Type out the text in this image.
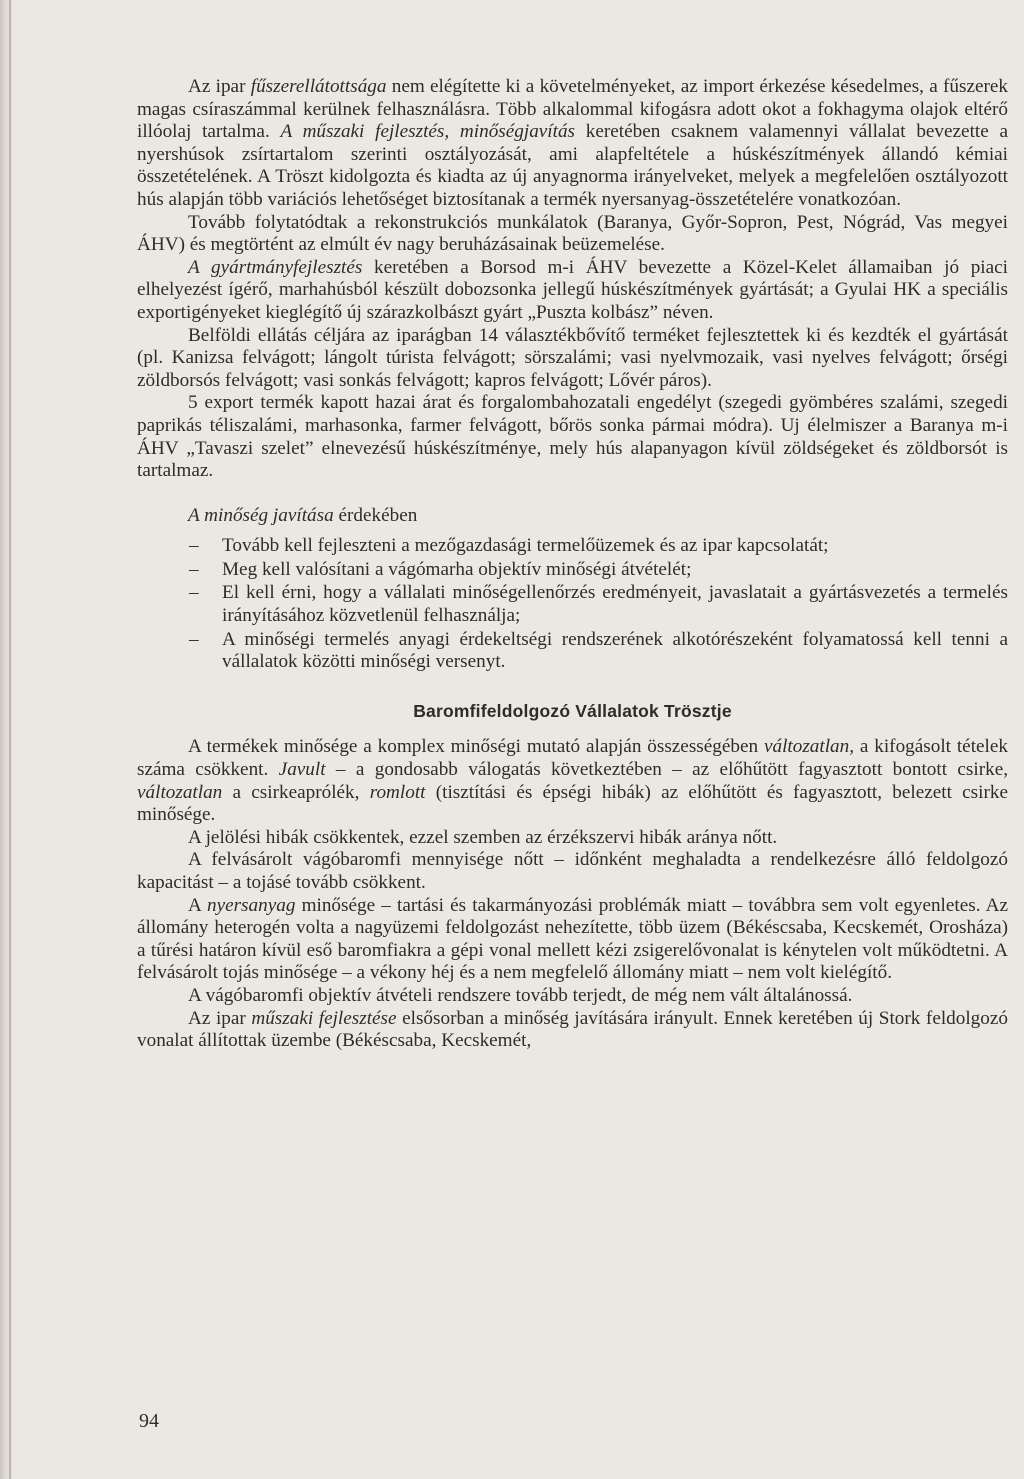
Az ipar fűszerellátottsága nem elégítette ki a követelményeket, az import érkezése késedelmes, a fűszerek magas csíraszámmal kerülnek felhasználásra. Több alkalommal kifogásra adott okot a fokhagyma olajok eltérő illóolaj tartalma. A műszaki fejlesztés, minőségjavítás keretében csaknem valamennyi vállalat bevezette a nyershúsok zsírtartalom szerinti osztályozását, ami alapfeltétele a húskészítmények állandó kémiai összetételének. A Tröszt kidolgozta és kiadta az új anyagnorma irányelveket, melyek a megfelelően osztályozott hús alapján több variációs lehetőséget biztosítanak a termék nyersanyag-összetételére vonatkozóan.

Tovább folytatódtak a rekonstrukciós munkálatok (Baranya, Győr-Sopron, Pest, Nógrád, Vas megyei ÁHV) és megtörtént az elmúlt év nagy beruházásainak beüzemelése.

A gyártmányfejlesztés keretében a Borsod m-i ÁHV bevezette a Közel-Kelet államaiban jó piaci elhelyezést ígérő, marhahúsból készült dobozsonka jellegű húskészítmények gyártását; a Gyulai HK a speciális exportigényeket kieglégítő új szárazkolbászt gyárt „Puszta kolbász” néven.

Belföldi ellátás céljára az iparágban 14 választékbővítő terméket fejlesztettek ki és kezdték el gyártását (pl. Kanizsa felvágott; lángolt túrista felvágott; sörszalámi; vasi nyelvmozaik, vasi nyelves felvágott; őrségi zöldborsós felvágott; vasi sonkás felvágott; kapros felvágott; Lővér páros).

5 export termék kapott hazai árat és forgalombahozatali engedélyt (szegedi gyömbéres szalámi, szegedi paprikás téliszalámi, marhasonka, farmer felvágott, bőrös sonka pármai módra). Uj élelmiszer a Baranya m-i ÁHV „Tavaszi szelet” elnevezésű húskészítménye, mely hús alapanyagon kívül zöldségeket és zöldborsót is tartalmaz.

A minőség javítása érdekében

– Tovább kell fejleszteni a mezőgazdasági termelőüzemek és az ipar kapcsolatát;
– Meg kell valósítani a vágómarha objektív minőségi átvételét;
– El kell érni, hogy a vállalati minőségellenőrzés eredményeit, javaslatait a gyártásvezetés a termelés irányításához közvetlenül felhasználja;
– A minőségi termelés anyagi érdekeltségi rendszerének alkotórészeként folyamatossá kell tenni a vállalatok közötti minőségi versenyt.
Baromfifeldolgozó Vállalatok Trösztje

A termékek minősége a komplex minőségi mutató alapján összességében változatlan, a kifogásolt tételek száma csökkent. Javult – a gondosabb válogatás következtében – az előhűtött fagyasztott bontott csirke, változatlan a csirkeaprólék, romlott (tisztítási és épségi hibák) az előhűtött és fagyasztott, belezett csirke minősége.

A jelölési hibák csökkentek, ezzel szemben az érzékszervi hibák aránya nőtt.

A felvásárolt vágóbaromfi mennyisége nőtt – időnként meghaladta a rendelkezésre álló feldolgozó kapacitást – a tojásé tovább csökkent.

A nyersanyag minősége – tartási és takarmányozási problémák miatt – továbbra sem volt egyenletes. Az állomány heterogén volta a nagyüzemi feldolgozást nehezítette, több üzem (Békéscsaba, Kecskemét, Orosháza) a tűrési határon kívül eső baromfiakra a gépi vonal mellett kézi zsigerelővonalat is kénytelen volt működtetni. A felvásárolt tojás minősége – a vékony héj és a nem megfelelő állomány miatt – nem volt kielégítő.

A vágóbaromfi objektív átvételi rendszere tovább terjedt, de még nem vált általánossá.

Az ipar műszaki fejlesztése elsősorban a minőség javítására irányult. Ennek keretében új Stork feldolgozó vonalat állítottak üzembe (Békéscsaba, Kecskemét,

94
